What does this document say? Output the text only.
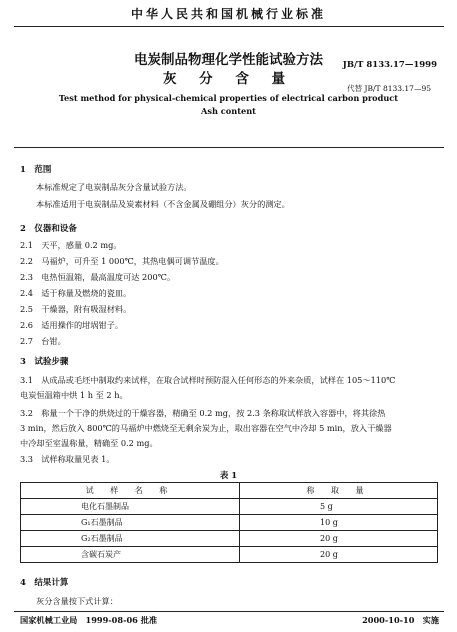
中华人民共和国机械行业标准
电炭制品物理化学性能试验方法
灰 分 含 量
JB/T 8133.17—1999
代替 JB/T 8133.17—95
Test method for physical-chemical properties of electrical carbon product
Ash content
1　范围
本标准规定了电炭制品灰分含量试验方法。
本标准适用于电炭制品及炭素材料（不含金属及硼组分）灰分的测定。
2　仪器和设备
2.1　天平，感量 0.2 mg。
2.2　马福炉，可升至 1 000℃，其热电偶可调节温度。
2.3　电热恒温箱，最高温度可达 200℃。
2.4　适于称量及燃烧的瓷皿。
2.5　干燥器，附有吸湿材料。
2.6　适用操作的坩埚钳子。
2.7　台钳。
3　试验步骤
3.1　从成品或毛坯中制取约来试样，在取合试样时预防混入任何形态的外来杂质，试样在 105～110℃
电炭恒温箱中烘 1 h 至 2 h。
3.2　称量一个干净的烘烧过的干燥容器，精确至 0.2 mg，按 2.3 条称取试样放入容器中，将其徐热
3 min，然后放入 800℃的马福炉中燃烧至无剩余炭为止，取出容器在空气中冷却 5 min，放入干燥器
中冷却至室温称量，精确至 0.2 mg。
3.3　试样称取量见表 1。
表 1
试 样 名 称	称 取 量
电化石墨制品	5 g
G₁石墨制品	10 g
G₂石墨制品	20 g
含碳石炭产	20 g
4　结果计算
灰分含量按下式计算：
国家机械工业局　1999-08-06 批准	2000-10-10　实施
